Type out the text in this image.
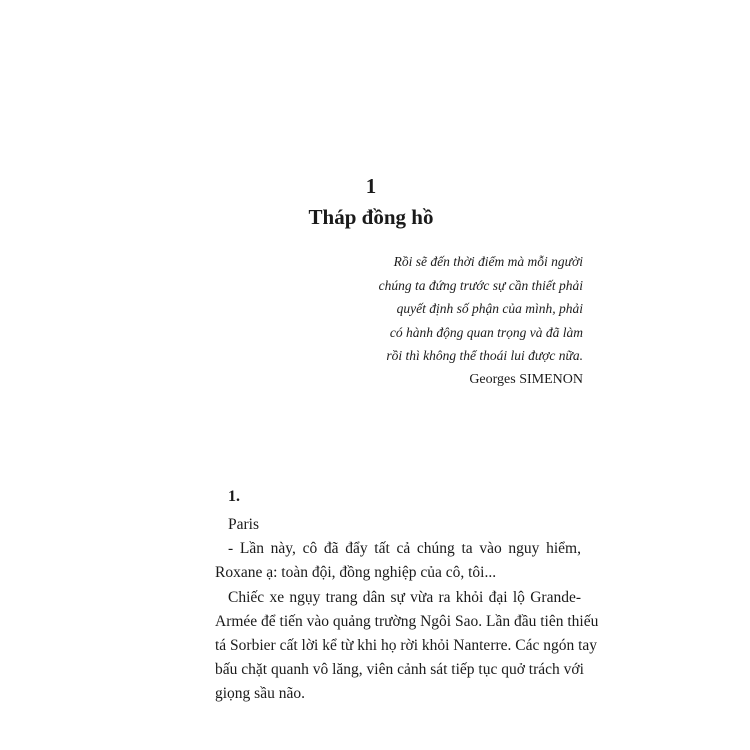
1
Tháp đồng hồ
Rồi sẽ đến thời điểm mà mỗi người
chúng ta đứng trước sự cần thiết phải
quyết định số phận của mình, phải
có hành động quan trọng và đã làm
rồi thì không thể thoái lui được nữa.
Georges SIMENON
1.
Paris
- Lần này, cô đã đẩy tất cả chúng ta vào nguy hiểm,
Roxane ạ: toàn đội, đồng nghiệp của cô, tôi...
Chiếc xe ngụy trang dân sự vừa ra khỏi đại lộ Grande-
Armée để tiến vào quảng trường Ngôi Sao. Lần đầu tiên thiếu
tá Sorbier cất lời kể từ khi họ rời khỏi Nanterre. Các ngón tay
bấu chặt quanh vô lăng, viên cảnh sát tiếp tục quở trách với
giọng sầu não.
